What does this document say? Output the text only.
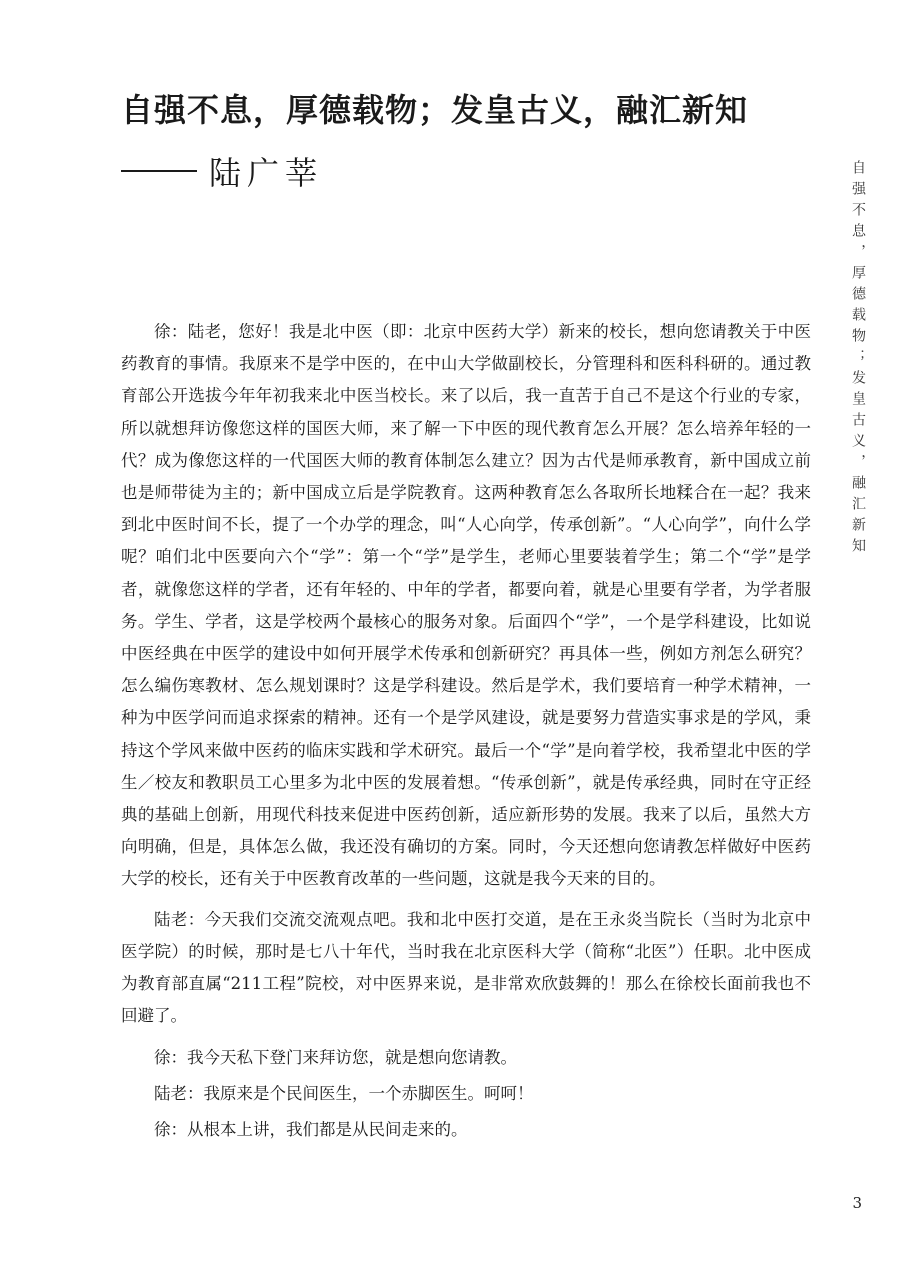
自强不息，厚德载物；发皇古义，融汇新知
陆广莘	自强不息，厚德载物；发皇古义，融汇新知

徐：陆老，您好！我是北中医（即：北京中医药大学）新来的校长，想向您请教关于中医药教育的事情。我原来不是学中医的，在中山大学做副校长，分管理科和医科科研的。通过教育部公开选拔今年年初我来北中医当校长。来了以后，我一直苦于自己不是这个行业的专家，所以就想拜访像您这样的国医大师，来了解一下中医的现代教育怎么开展？怎么培养年轻的一代？成为像您这样的一代国医大师的教育体制怎么建立？因为古代是师承教育，新中国成立前也是师带徒为主的；新中国成立后是学院教育。这两种教育怎么各取所长地糅合在一起？我来到北中医时间不长，提了一个办学的理念，叫“人心向学，传承创新”。“人心向学”，向什么学呢？咱们北中医要向六个“学”：第一个“学”是学生，老师心里要装着学生；第二个“学”是学者，就像您这样的学者，还有年轻的、中年的学者，都要向着，就是心里要有学者，为学者服务。学生、学者，这是学校两个最核心的服务对象。后面四个“学”，一个是学科建设，比如说中医经典在中医学的建设中如何开展学术传承和创新研究？再具体一些，例如方剂怎么研究？怎么编伤寒教材、怎么规划课时？这是学科建设。然后是学术，我们要培育一种学术精神，一种为中医学问而追求探索的精神。还有一个是学风建设，就是要努力营造实事求是的学风，秉持这个学风来做中医药的临床实践和学术研究。最后一个“学”是向着学校，我希望北中医的学生／校友和教职员工心里多为北中医的发展着想。“传承创新”，就是传承经典，同时在守正经典的基础上创新，用现代科技来促进中医药创新，适应新形势的发展。我来了以后，虽然大方向明确，但是，具体怎么做，我还没有确切的方案。同时，今天还想向您请教怎样做好中医药大学的校长，还有关于中医教育改革的一些问题，这就是我今天来的目的。

陆老：今天我们交流交流观点吧。我和北中医打交道，是在王永炎当院长（当时为北京中医学院）的时候，那时是七八十年代，当时我在北京医科大学（简称“北医”）任职。北中医成为教育部直属“211工程”院校，对中医界来说，是非常欢欣鼓舞的！那么在徐校长面前我也不回避了。

徐：我今天私下登门来拜访您，就是想向您请教。

陆老：我原来是个民间医生，一个赤脚医生。呵呵！

徐：从根本上讲，我们都是从民间走来的。

3
